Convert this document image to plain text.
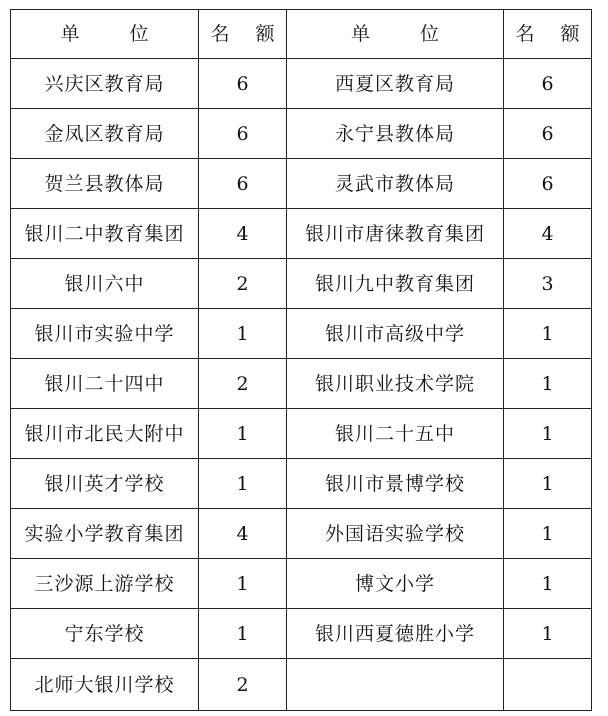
单 位	名 额	单 位	名 额
兴庆区教育局	6	西夏区教育局	6
金凤区教育局	6	永宁县教体局	6
贺兰县教体局	6	灵武市教体局	6
银川二中教育集团	4	银川市唐徕教育集团	4
银川六中	2	银川九中教育集团	3
银川市实验中学	1	银川市高级中学	1
银川二十四中	2	银川职业技术学院	1
银川市北民大附中	1	银川二十五中	1
银川英才学校	1	银川市景博学校	1
实验小学教育集团	4	外国语实验学校	1
三沙源上游学校	1	博文小学	1
宁东学校	1	银川西夏德胜小学	1
北师大银川学校	2		
